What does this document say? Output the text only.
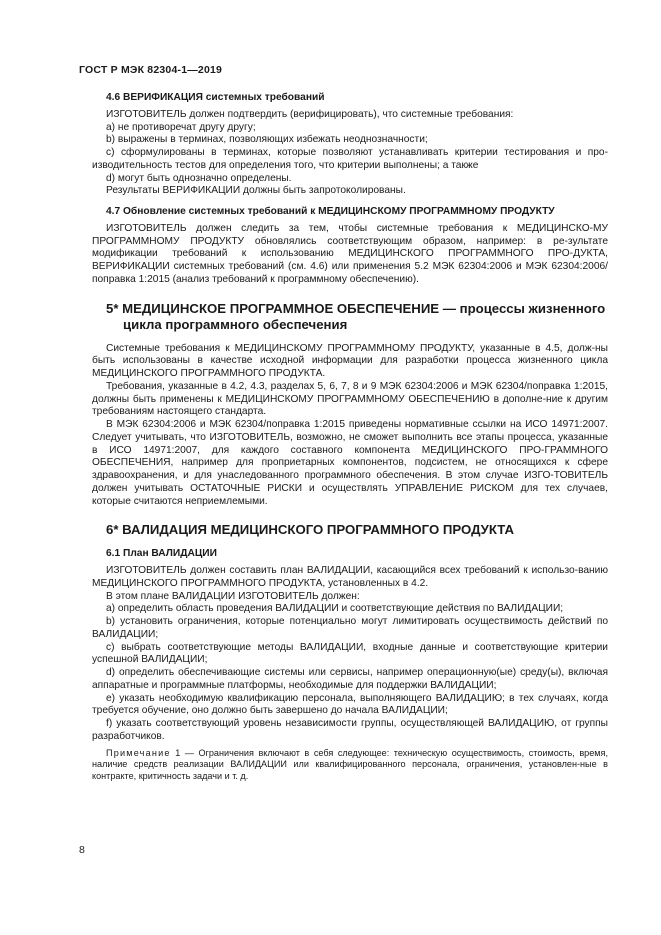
ГОСТ Р МЭК 82304-1—2019
4.6 ВЕРИФИКАЦИЯ системных требований

ИЗГОТОВИТЕЛЬ должен подтвердить (верифицировать), что системные требования:

a) не противоречат другу другу;

b) выражены в терминах, позволяющих избежать неоднозначности;

c) сформулированы в терминах, которые позволяют устанавливать критерии тестирования и про-изводительность тестов для определения того, что критерии выполнены; а также

d) могут быть однозначно определены.

Результаты ВЕРИФИКАЦИИ должны быть запротоколированы.

4.7 Обновление системных требований к МЕДИЦИНСКОМУ ПРОГРАММНОМУ ПРОДУКТУ

ИЗГОТОВИТЕЛЬ должен следить за тем, чтобы системные требования к МЕДИЦИНСКО-МУ ПРОГРАММНОМУ ПРОДУКТУ обновлялись соответствующим образом, например: в ре-зультате модификации требований к использованию МЕДИЦИНСКОГО ПРОГРАММНОГО ПРО-ДУКТА, ВЕРИФИКАЦИИ системных требований (см. 4.6) или применения 5.2 МЭК 62304:2006 и МЭК 62304:2006/поправка 1:2015 (анализ требований к программному обеспечению).

5* МЕДИЦИНСКОЕ ПРОГРАММНОЕ ОБЕСПЕЧЕНИЕ — процессы жизненного
цикла программного обеспечения

Системные требования к МЕДИЦИНСКОМУ ПРОГРАММНОМУ ПРОДУКТУ, указанные в 4.5, долж-ны быть использованы в качестве исходной информации для разработки процесса жизненного цикла МЕДИЦИНСКОГО ПРОГРАММНОГО ПРОДУКТА.

Требования, указанные в 4.2, 4.3, разделах 5, 6, 7, 8 и 9 МЭК 62304:2006 и МЭК 62304/поправка 1:2015, должны быть применены к МЕДИЦИНСКОМУ ПРОГРАММНОМУ ОБЕСПЕЧЕНИЮ в дополне-ние к другим требованиям настоящего стандарта.

В МЭК 62304:2006 и МЭК 62304/поправка 1:2015 приведены нормативные ссылки на ИСО 14971:2007. Следует учитывать, что ИЗГОТОВИТЕЛЬ, возможно, не сможет выполнить все этапы процесса, указанные в ИСО 14971:2007, для каждого составного компонента МЕДИЦИНСКОГО ПРО-ГРАММНОГО ОБЕСПЕЧЕНИЯ, например для проприетарных компонентов, подсистем, не относящихся к сфере здравоохранения, и для унаследованного программного обеспечения. В этом случае ИЗГО-ТОВИТЕЛЬ должен учитывать ОСТАТОЧНЫЕ РИСКИ и осуществлять УПРАВЛЕНИЕ РИСКОМ для тех случаев, которые считаются неприемлемыми.

6* ВАЛИДАЦИЯ МЕДИЦИНСКОГО ПРОГРАММНОГО ПРОДУКТА
6.1 План ВАЛИДАЦИИ

ИЗГОТОВИТЕЛЬ должен составить план ВАЛИДАЦИИ, касающийся всех требований к использо-ванию МЕДИЦИНСКОГО ПРОГРАММНОГО ПРОДУКТА, установленных в 4.2.

В этом плане ВАЛИДАЦИИ ИЗГОТОВИТЕЛЬ должен:

a) определить область проведения ВАЛИДАЦИИ и соответствующие действия по ВАЛИДАЦИИ;

b) установить ограничения, которые потенциально могут лимитировать осуществимость действий по ВАЛИДАЦИИ;

c) выбрать соответствующие методы ВАЛИДАЦИИ, входные данные и соответствующие критерии успешной ВАЛИДАЦИИ;

d) определить обеспечивающие системы или сервисы, например операционную(ые) среду(ы), включая аппаратные и программные платформы, необходимые для поддержки ВАЛИДАЦИИ;

e) указать необходимую квалификацию персонала, выполняющего ВАЛИДАЦИЮ; в тех случаях, когда требуется обучение, оно должно быть завершено до начала ВАЛИДАЦИИ;

f) указать соответствующий уровень независимости группы, осуществляющей ВАЛИДАЦИЮ, от группы разработчиков.

Примечание 1 — Ограничения включают в себя следующее: техническую осуществимость, стоимость, время, наличие средств реализации ВАЛИДАЦИИ или квалифицированного персонала, ограничения, установлен-ные в контракте, критичность задачи и т. д.

8
